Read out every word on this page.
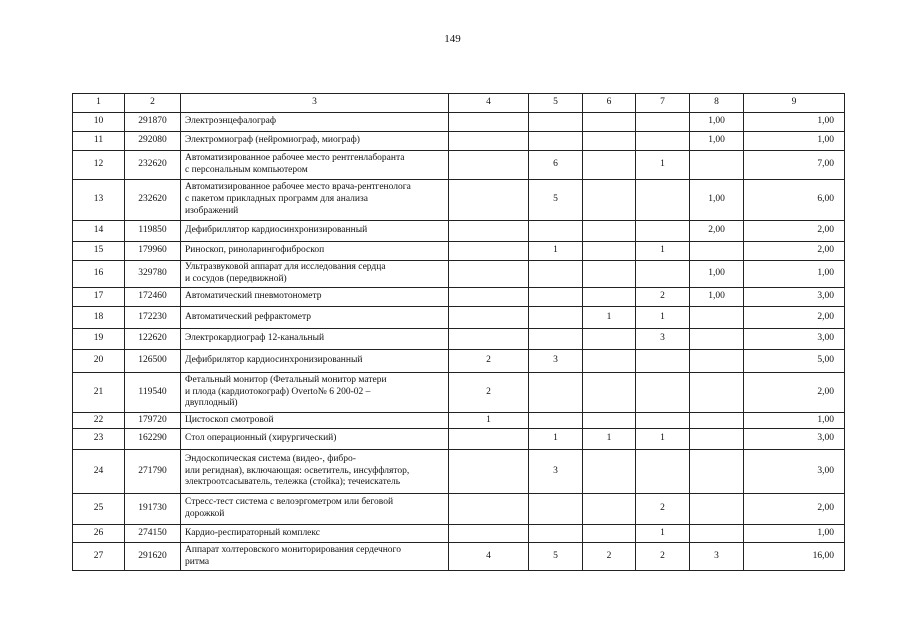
149
1	2	3	4	5	6	7	8	9
10	291870	Электроэнцефалограф					1,00	1,00
11	292080	Электромиограф (нейромиограф, миограф)					1,00	1,00
12	232620	Автоматизированное рабочее место рентгенлаборанта
с персональным компьютером		6		1		7,00
13	232620	Автоматизированное рабочее место врача-рентгенолога
с пакетом прикладных программ для анализа
изображений		5			1,00	6,00
14	119850	Дефибриллятор кардиосинхронизированный					2,00	2,00
15	179960	Риноскоп, риноларингофиброскоп		1		1		2,00
16	329780	Ультразвуковой аппарат для исследования сердца
и сосудов (передвижной)					1,00	1,00
17	172460	Автоматический пневмотонометр				2	1,00	3,00
18	172230	Автоматический рефрактометр			1	1		2,00
19	122620	Электрокардиограф 12-канальный				3		3,00
20	126500	Дефибрилятор кардиосинхронизированный	2	3				5,00
21	119540	Фетальный монитор (Фетальный монитор матери
и плода (кардиотокограф) Overto№ 6 200-02 –
двуплодный)	2					2,00
22	179720	Цистоскоп смотровой	1					1,00
23	162290	Стол операционный (хирургический)		1	1	1		3,00
24	271790	Эндоскопическая система (видео-, фибро-
или регидная), включающая: осветитель, инсуффлятор,
электроотсасыватель, тележка (стойка); течеискатель		3				3,00
25	191730	Стресс-тест система с велоэргометром или беговой
дорожкой				2		2,00
26	274150	Кардио-респираторный комплекс				1		1,00
27	291620	Аппарат холтеровского мониторирования сердечного
ритма	4	5	2	2	3	16,00
